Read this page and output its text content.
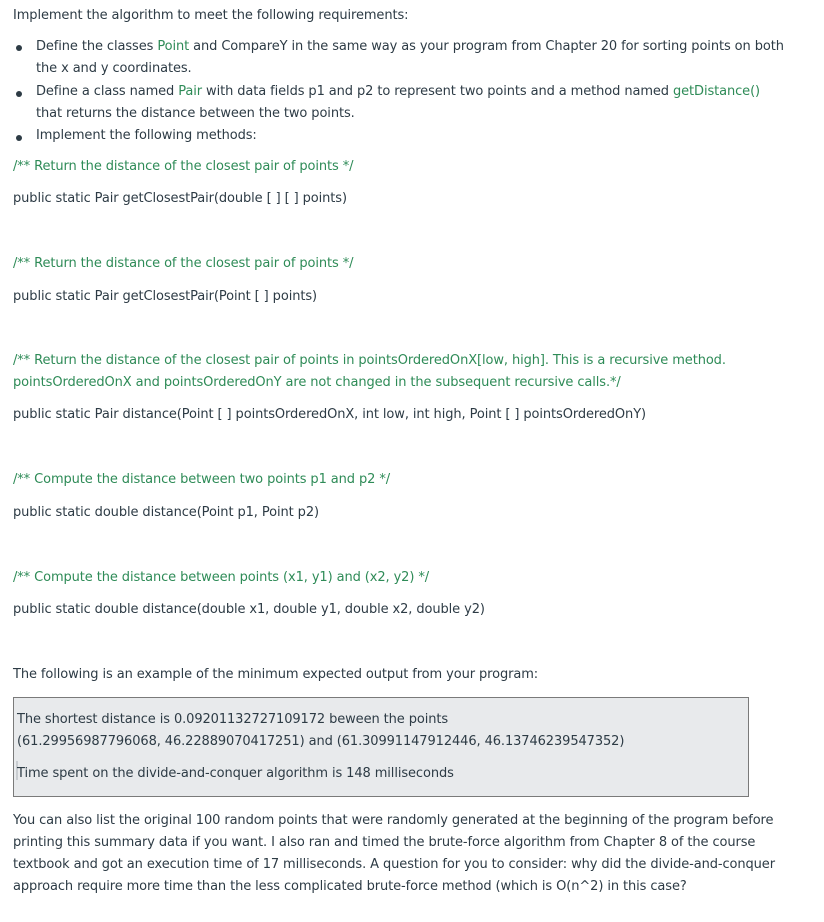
Implement the algorithm to meet the following requirements:

Define the classes Point and CompareY in the same way as your program from Chapter 20 for sorting points on both
the x and y coordinates.
Define a class named Pair with data fields p1 and p2 to represent two points and a method named getDistance()
that returns the distance between the two points.
Implement the following methods:

/** Return the distance of the closest pair of points */

public static Pair getClosestPair(double [ ] [ ] points)

/** Return the distance of the closest pair of points */

public static Pair getClosestPair(Point [ ] points)

/** Return the distance of the closest pair of points in pointsOrderedOnX[low, high]. This is a recursive method.

pointsOrderedOnX and pointsOrderedOnY are not changed in the subsequent recursive calls.*/

public static Pair distance(Point [ ] pointsOrderedOnX, int low, int high, Point [ ] pointsOrderedOnY)

/** Compute the distance between two points p1 and p2 */

public static double distance(Point p1, Point p2)

/** Compute the distance between points (x1, y1) and (x2, y2) */

public static double distance(double x1, double y1, double x2, double y2)

The following is an example of the minimum expected output from your program:

The shortest distance is 0.09201132727109172 beween the points
(61.29956987796068, 46.22889070417251) and (61.30991147912446, 46.13746239547352)
Time spent on the divide-and-conquer algorithm is 148 milliseconds

You can also list the original 100 random points that were randomly generated at the beginning of the program before

printing this summary data if you want. I also ran and timed the brute-force algorithm from Chapter 8 of the course

textbook and got an execution time of 17 milliseconds. A question for you to consider: why did the divide-and-conquer

approach require more time than the less complicated brute-force method (which is O(n^2) in this case?
